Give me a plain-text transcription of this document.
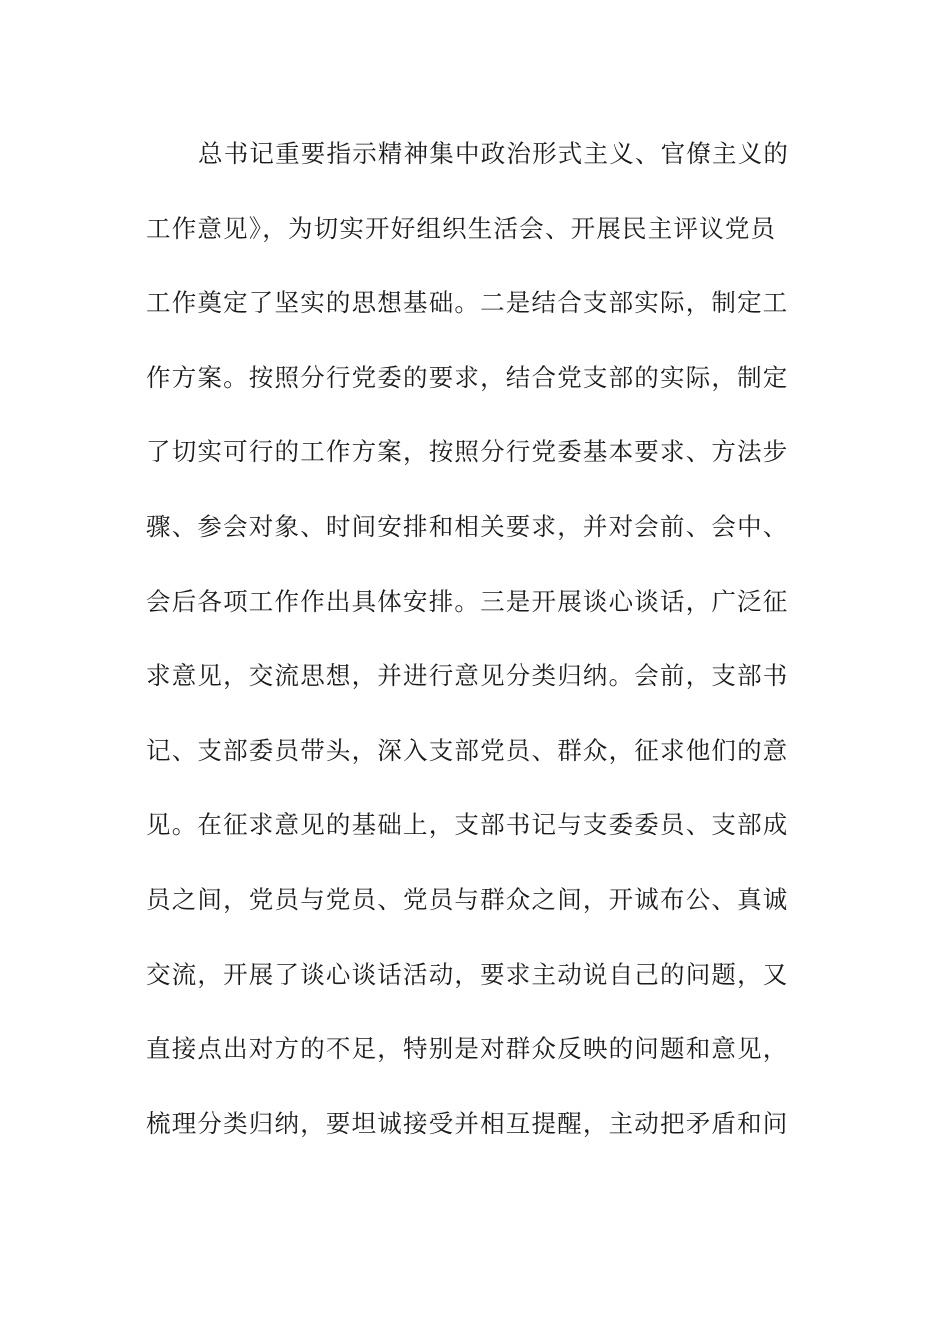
总书记重要指示精神集中政治形式主义、官僚主义的
工作意见》，为切实开好组织生活会、开展民主评议党员
工作奠定了坚实的思想基础。二是结合支部实际，制定工
作方案。按照分行党委的要求，结合党支部的实际，制定
了切实可行的工作方案，按照分行党委基本要求、方法步
骤、参会对象、时间安排和相关要求，并对会前、会中、
会后各项工作作出具体安排。三是开展谈心谈话，广泛征
求意见，交流思想，并进行意见分类归纳。会前，支部书
记、支部委员带头，深入支部党员、群众，征求他们的意
见。在征求意见的基础上，支部书记与支委委员、支部成
员之间，党员与党员、党员与群众之间，开诚布公、真诚
交流，开展了谈心谈话活动，要求主动说自己的问题，又
直接点出对方的不足，特别是对群众反映的问题和意见，
梳理分类归纳，要坦诚接受并相互提醒，主动把矛盾和问
